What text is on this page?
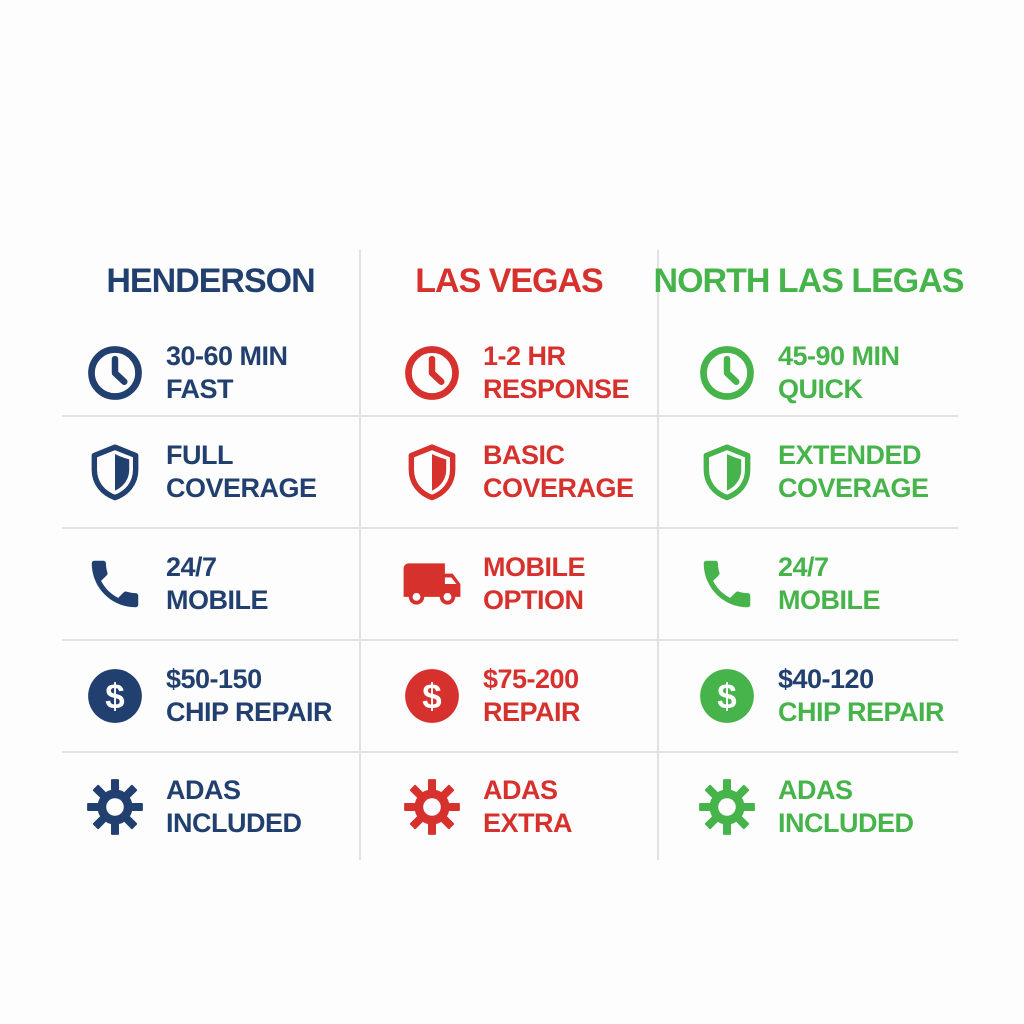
HENDERSON
30-60 MIN
FAST
FULL
COVERAGE
24/7
MOBILE
$ $50-150
CHIP REPAIR
ADAS
INCLUDED
LAS VEGAS
1-2 HR
RESPONSE
BASIC
COVERAGE
MOBILE
OPTION
$ $75-200
REPAIR
ADAS
EXTRA
NORTH LAS LEGAS
45-90 MIN
QUICK
EXTENDED
COVERAGE
24/7
MOBILE
$ $40-120
CHIP REPAIR
ADAS
INCLUDED
